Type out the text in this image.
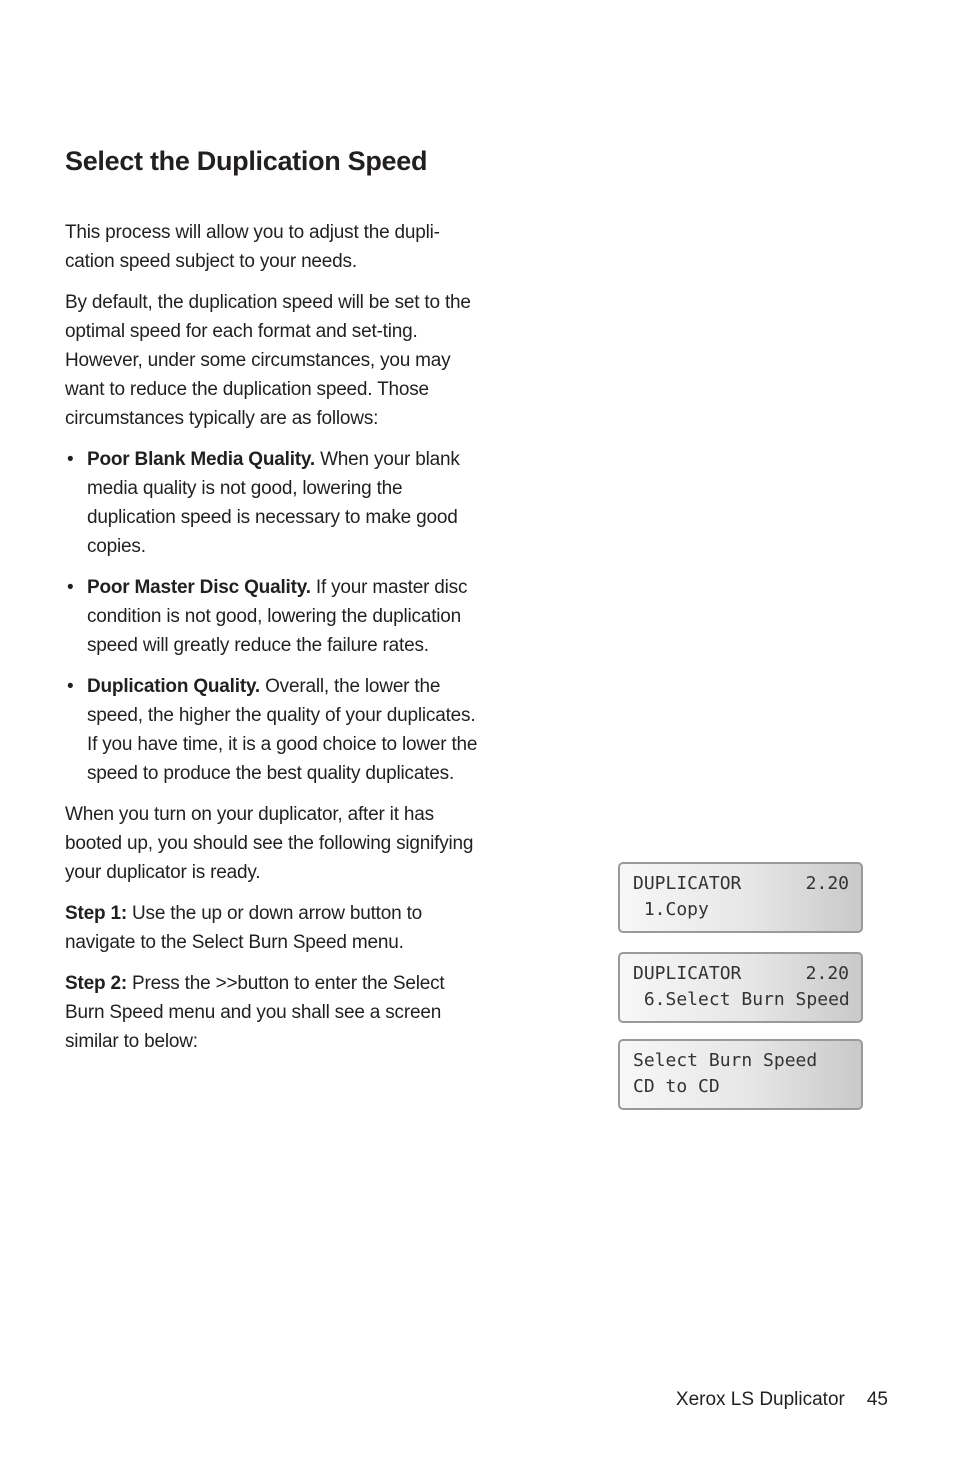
Select the Duplication Speed

This process will allow you to adjust the dupli-cation speed subject to your needs.

By default, the duplication speed will be set to the optimal speed for each format and set-ting. However, under some circumstances, you may want to reduce the duplication speed. Those circumstances typically are as follows:

• Poor Blank Media Quality. When your blank media quality is not good, lowering the duplication speed is necessary to make good copies.
• Poor Master Disc Quality. If your master disc condition is not good, lowering the duplication speed will greatly reduce the failure rates.
• Duplication Quality. Overall, the lower the speed, the higher the quality of your duplicates. If you have time, it is a good choice to lower the speed to produce the best quality duplicates.

When you turn on your duplicator, after it has booted up, you should see the following signifying your duplicator is ready.

Step 1: Use the up or down arrow button to navigate to the Select Burn Speed menu.

Step 2: Press the >>button to enter the Select Burn Speed menu and you shall see a screen similar to below:

DUPLICATOR	2.20
1.Copy
DUPLICATOR	2.20
6.Select Burn Speed
Select Burn Speed
CD to CD
Xerox LS Duplicator 45
